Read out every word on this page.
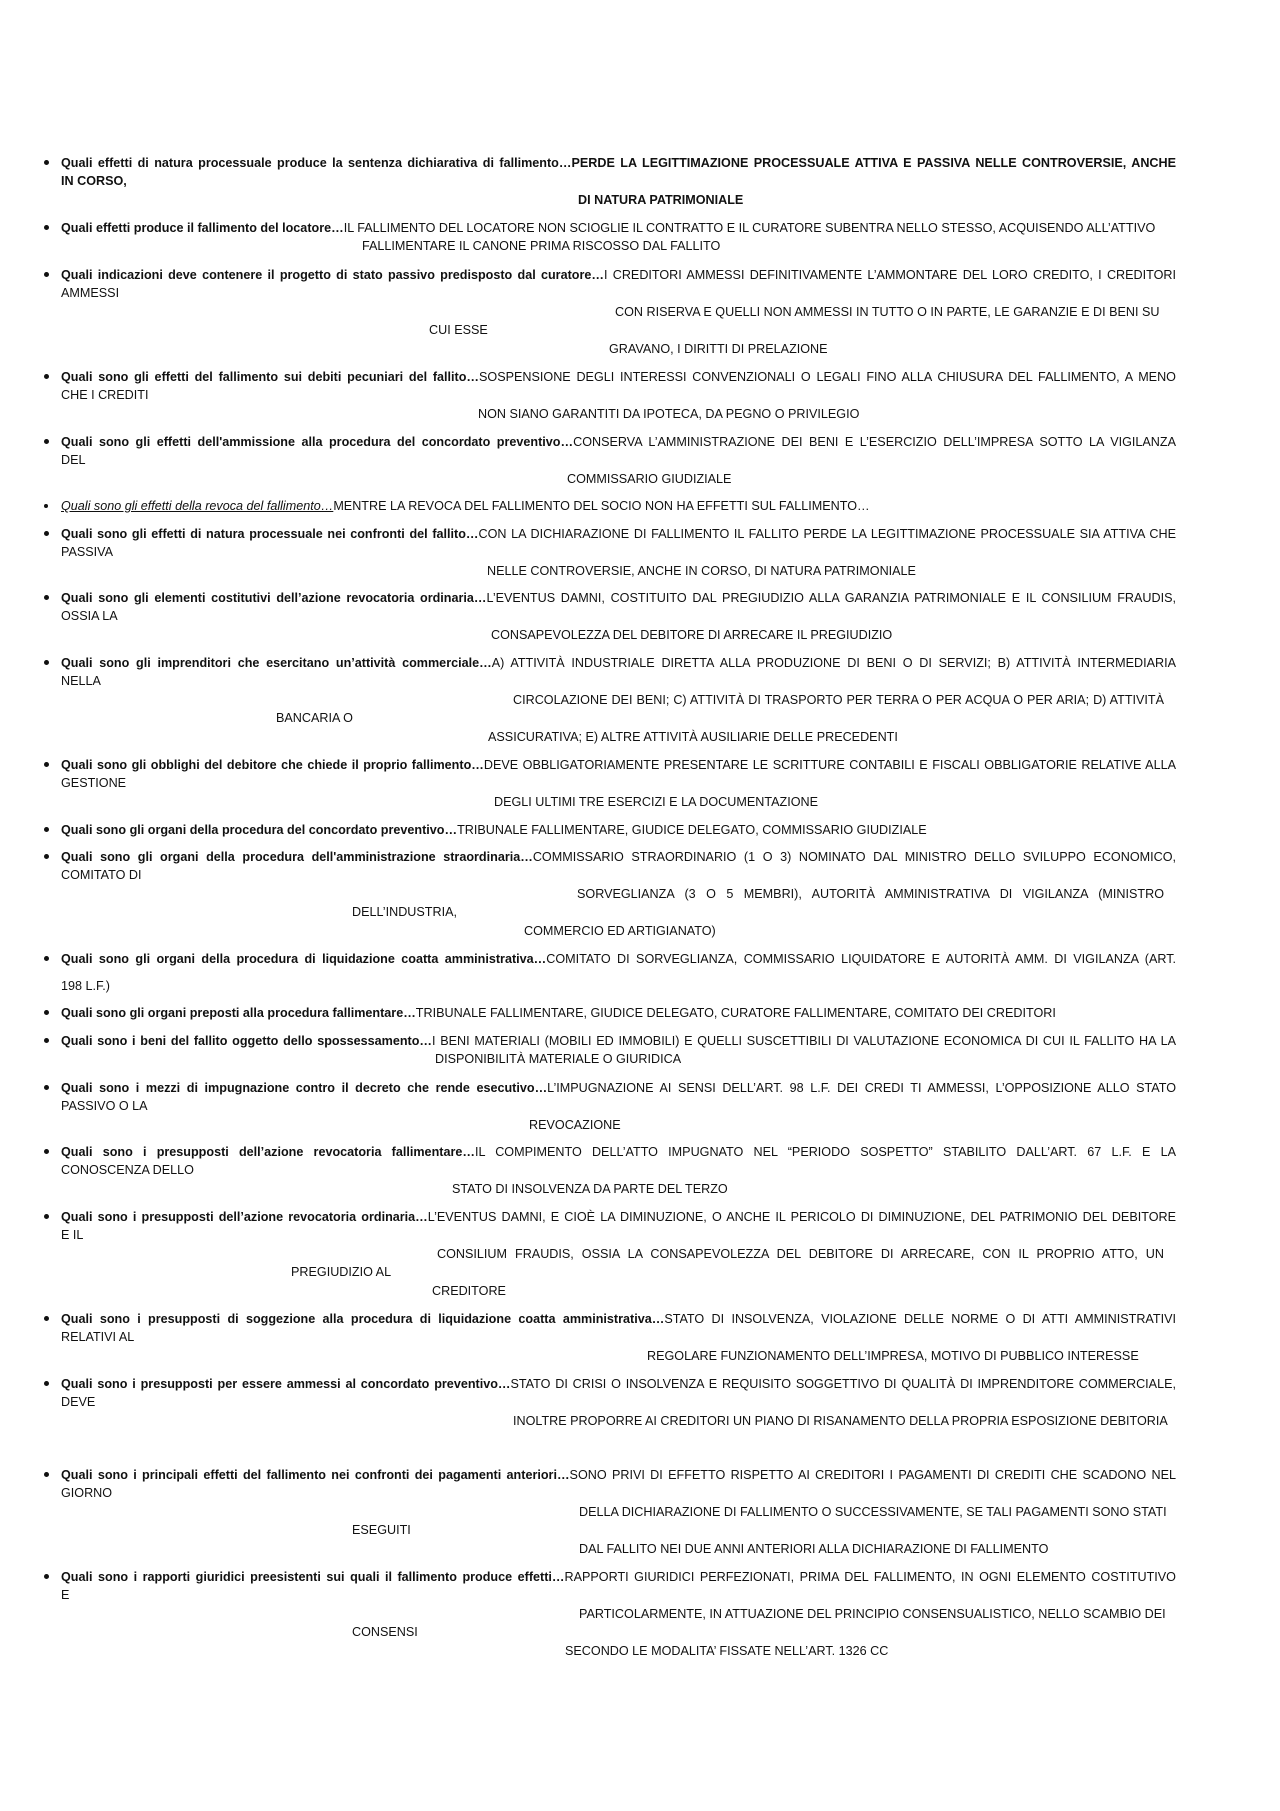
Quali effetti di natura processuale produce la sentenza dichiarativa di fallimento…PERDE LA LEGITTIMAZIONE PROCESSUALE ATTIVA E PASSIVA NELLE CONTROVERSIE, ANCHE
IN CORSO,
DI NATURA PATRIMONIALE
Quali effetti produce il fallimento del locatore…IL FALLIMENTO DEL LOCATORE NON SCIOGLIE IL CONTRATTO E IL CURATORE SUBENTRA NELLO STESSO, ACQUISENDO ALL’ATTIVO
FALLIMENTARE IL CANONE PRIMA RISCOSSO DAL FALLITO
Quali indicazioni deve contenere il progetto di stato passivo predisposto dal curatore…I CREDITORI AMMESSI DEFINITIVAMENTE L’AMMONTARE DEL LORO CREDITO, I CREDITORI
AMMESSI
CON RISERVA E QUELLI NON AMMESSI IN TUTTO O IN PARTE, LE GARANZIE E DI BENI SU
CUI ESSE
GRAVANO, I DIRITTI DI PRELAZIONE
Quali sono gli effetti del fallimento sui debiti pecuniari del fallito…SOSPENSIONE DEGLI INTERESSI CONVENZIONALI O LEGALI FINO ALLA CHIUSURA DEL FALLIMENTO, A MENO
CHE I CREDITI
NON SIANO GARANTITI DA IPOTECA, DA PEGNO O PRIVILEGIO
Quali sono gli effetti dell'ammissione alla procedura del concordato preventivo…CONSERVA L’AMMINISTRAZIONE DEI BENI E L’ESERCIZIO DELL’IMPRESA SOTTO LA VIGILANZA
DEL
COMMISSARIO GIUDIZIALE
Quali sono gli effetti della revoca del fallimento…MENTRE LA REVOCA DEL FALLIMENTO DEL SOCIO NON HA EFFETTI SUL FALLIMENTO…
Quali sono gli effetti di natura processuale nei confronti del fallito…CON LA DICHIARAZIONE DI FALLIMENTO IL FALLITO PERDE LA LEGITTIMAZIONE PROCESSUALE SIA ATTIVA CHE
PASSIVA
NELLE CONTROVERSIE, ANCHE IN CORSO, DI NATURA PATRIMONIALE
Quali sono gli elementi costitutivi dell’azione revocatoria ordinaria…L’EVENTUS DAMNI, COSTITUITO DAL PREGIUDIZIO ALLA GARANZIA PATRIMONIALE E IL CONSILIUM FRAUDIS,
OSSIA LA
CONSAPEVOLEZZA DEL DEBITORE DI ARRECARE IL PREGIUDIZIO
Quali sono gli imprenditori che esercitano un’attività commerciale…A) ATTIVITÀ INDUSTRIALE DIRETTA ALLA PRODUZIONE DI BENI O DI SERVIZI; B) ATTIVITÀ INTERMEDIARIA
NELLA
CIRCOLAZIONE DEI BENI; C) ATTIVITÀ DI TRASPORTO PER TERRA O PER ACQUA O PER ARIA; D) ATTIVITÀ
BANCARIA O
ASSICURATIVA; E) ALTRE ATTIVITÀ AUSILIARIE DELLE PRECEDENTI
Quali sono gli obblighi del debitore che chiede il proprio fallimento…DEVE OBBLIGATORIAMENTE PRESENTARE LE SCRITTURE CONTABILI E FISCALI OBBLIGATORIE RELATIVE ALLA
GESTIONE
DEGLI ULTIMI TRE ESERCIZI E LA DOCUMENTAZIONE
Quali sono gli organi della procedura del concordato preventivo…TRIBUNALE FALLIMENTARE, GIUDICE DELEGATO, COMMISSARIO GIUDIZIALE
Quali sono gli organi della procedura dell'amministrazione straordinaria…COMMISSARIO STRAORDINARIO (1 O 3) NOMINATO DAL MINISTRO DELLO SVILUPPO ECONOMICO,
COMITATO DI
SORVEGLIANZA (3 O 5 MEMBRI), AUTORITÀ AMMINISTRATIVA DI VIGILANZA (MINISTRO
DELL’INDUSTRIA,
COMMERCIO ED ARTIGIANATO)
Quali sono gli organi della procedura di liquidazione coatta amministrativa…COMITATO DI SORVEGLIANZA, COMMISSARIO LIQUIDATORE E AUTORITÀ AMM. DI VIGILANZA (ART.
198 L.F.)
Quali sono gli organi preposti alla procedura fallimentare…TRIBUNALE FALLIMENTARE, GIUDICE DELEGATO, CURATORE FALLIMENTARE, COMITATO DEI CREDITORI
Quali sono i beni del fallito oggetto dello spossessamento…I BENI MATERIALI (MOBILI ED IMMOBILI) E QUELLI SUSCETTIBILI DI VALUTAZIONE ECONOMICA DI CUI IL FALLITO HA LA
DISPONIBILITÀ MATERIALE O GIURIDICA
Quali sono i mezzi di impugnazione contro il decreto che rende esecutivo…L’IMPUGNAZIONE AI SENSI DELL’ART. 98 L.F. DEI CREDI TI AMMESSI, L’OPPOSIZIONE ALLO STATO
PASSIVO O LA
REVOCAZIONE
Quali sono i presupposti dell’azione revocatoria fallimentare…IL COMPIMENTO DELL’ATTO IMPUGNATO NEL “PERIODO SOSPETTO” STABILITO DALL’ART. 67 L.F. E LA
CONOSCENZA DELLO
STATO DI INSOLVENZA DA PARTE DEL TERZO
Quali sono i presupposti dell’azione revocatoria ordinaria…L’EVENTUS DAMNI, E CIOÈ LA DIMINUZIONE, O ANCHE IL PERICOLO DI DIMINUZIONE, DEL PATRIMONIO DEL DEBITORE
E IL
CONSILIUM FRAUDIS, OSSIA LA CONSAPEVOLEZZA DEL DEBITORE DI ARRECARE, CON IL PROPRIO ATTO, UN
PREGIUDIZIO AL
CREDITORE
Quali sono i presupposti di soggezione alla procedura di liquidazione coatta amministrativa…STATO DI INSOLVENZA, VIOLAZIONE DELLE NORME O DI ATTI AMMINISTRATIVI
RELATIVI AL
REGOLARE FUNZIONAMENTO DELL’IMPRESA, MOTIVO DI PUBBLICO INTERESSE
Quali sono i presupposti per essere ammessi al concordato preventivo…STATO DI CRISI O INSOLVENZA E REQUISITO SOGGETTIVO DI QUALITÀ DI IMPRENDITORE COMMERCIALE,
DEVE
INOLTRE PROPORRE AI CREDITORI UN PIANO DI RISANAMENTO DELLA PROPRIA ESPOSIZIONE DEBITORIA
Quali sono i principali effetti del fallimento nei confronti dei pagamenti anteriori…SONO PRIVI DI EFFETTO RISPETTO AI CREDITORI I PAGAMENTI DI CREDITI CHE SCADONO NEL
GIORNO
DELLA DICHIARAZIONE DI FALLIMENTO O SUCCESSIVAMENTE, SE TALI PAGAMENTI SONO STATI
ESEGUITI
DAL FALLITO NEI DUE ANNI ANTERIORI ALLA DICHIARAZIONE DI FALLIMENTO
Quali sono i rapporti giuridici preesistenti sui quali il fallimento produce effetti…RAPPORTI GIURIDICI PERFEZIONATI, PRIMA DEL FALLIMENTO, IN OGNI ELEMENTO COSTITUTIVO
E
PARTICOLARMENTE, IN ATTUAZIONE DEL PRINCIPIO CONSENSUALISTICO, NELLO SCAMBIO DEI
CONSENSI
SECONDO LE MODALITA’ FISSATE NELL’ART. 1326 CC
